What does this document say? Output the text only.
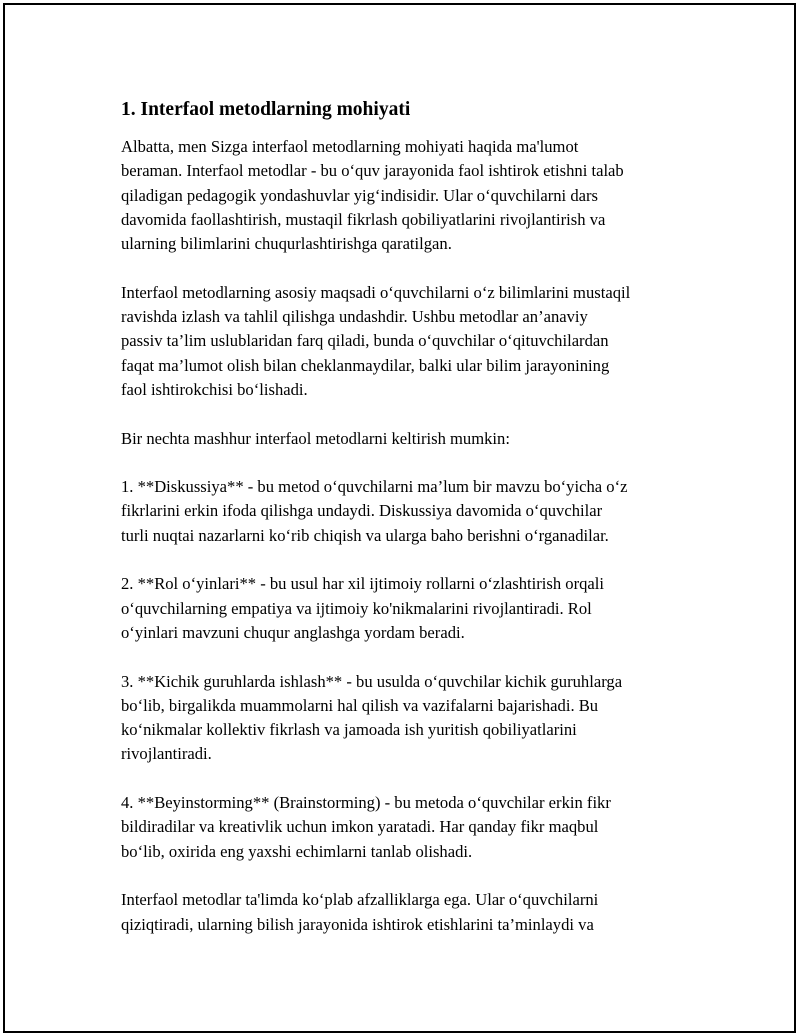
1. Interfaol metodlarning mohiyati

Albatta, men Sizga interfaol metodlarning mohiyati haqida ma'lumot
beraman. Interfaol metodlar - bu o‘quv jarayonida faol ishtirok etishni talab
qiladigan pedagogik yondashuvlar yig‘indisidir. Ular o‘quvchilarni dars
davomida faollashtirish, mustaqil fikrlash qobiliyatlarini rivojlantirish va
ularning bilimlarini chuqurlashtirishga qaratilgan.

Interfaol metodlarning asosiy maqsadi o‘quvchilarni o‘z bilimlarini mustaqil
ravishda izlash va tahlil qilishga undashdir. Ushbu metodlar an’anaviy
passiv ta’lim uslublaridan farq qiladi, bunda o‘quvchilar o‘qituvchilardan
faqat ma’lumot olish bilan cheklanmaydilar, balki ular bilim jarayonining
faol ishtirokchisi bo‘lishadi.

Bir nechta mashhur interfaol metodlarni keltirish mumkin:

1. **Diskussiya** - bu metod o‘quvchilarni ma’lum bir mavzu bo‘yicha o‘z
fikrlarini erkin ifoda qilishga undaydi. Diskussiya davomida o‘quvchilar
turli nuqtai nazarlarni ko‘rib chiqish va ularga baho berishni o‘rganadilar.

2. **Rol o‘yinlari** - bu usul har xil ijtimoiy rollarni o‘zlashtirish orqali
o‘quvchilarning empatiya va ijtimoiy ko'nikmalarini rivojlantiradi. Rol
o‘yinlari mavzuni chuqur anglashga yordam beradi.

3. **Kichik guruhlarda ishlash** - bu usulda o‘quvchilar kichik guruhlarga
bo‘lib, birgalikda muammolarni hal qilish va vazifalarni bajarishadi. Bu
ko‘nikmalar kollektiv fikrlash va jamoada ish yuritish qobiliyatlarini
rivojlantiradi.

4. **Beyinstorming** (Brainstorming) - bu metoda o‘quvchilar erkin fikr
bildiradilar va kreativlik uchun imkon yaratadi. Har qanday fikr maqbul
bo‘lib, oxirida eng yaxshi echimlarni tanlab olishadi.

Interfaol metodlar ta'limda ko‘plab afzalliklarga ega. Ular o‘quvchilarni
qiziqtiradi, ularning bilish jarayonida ishtirok etishlarini ta’minlaydi va
